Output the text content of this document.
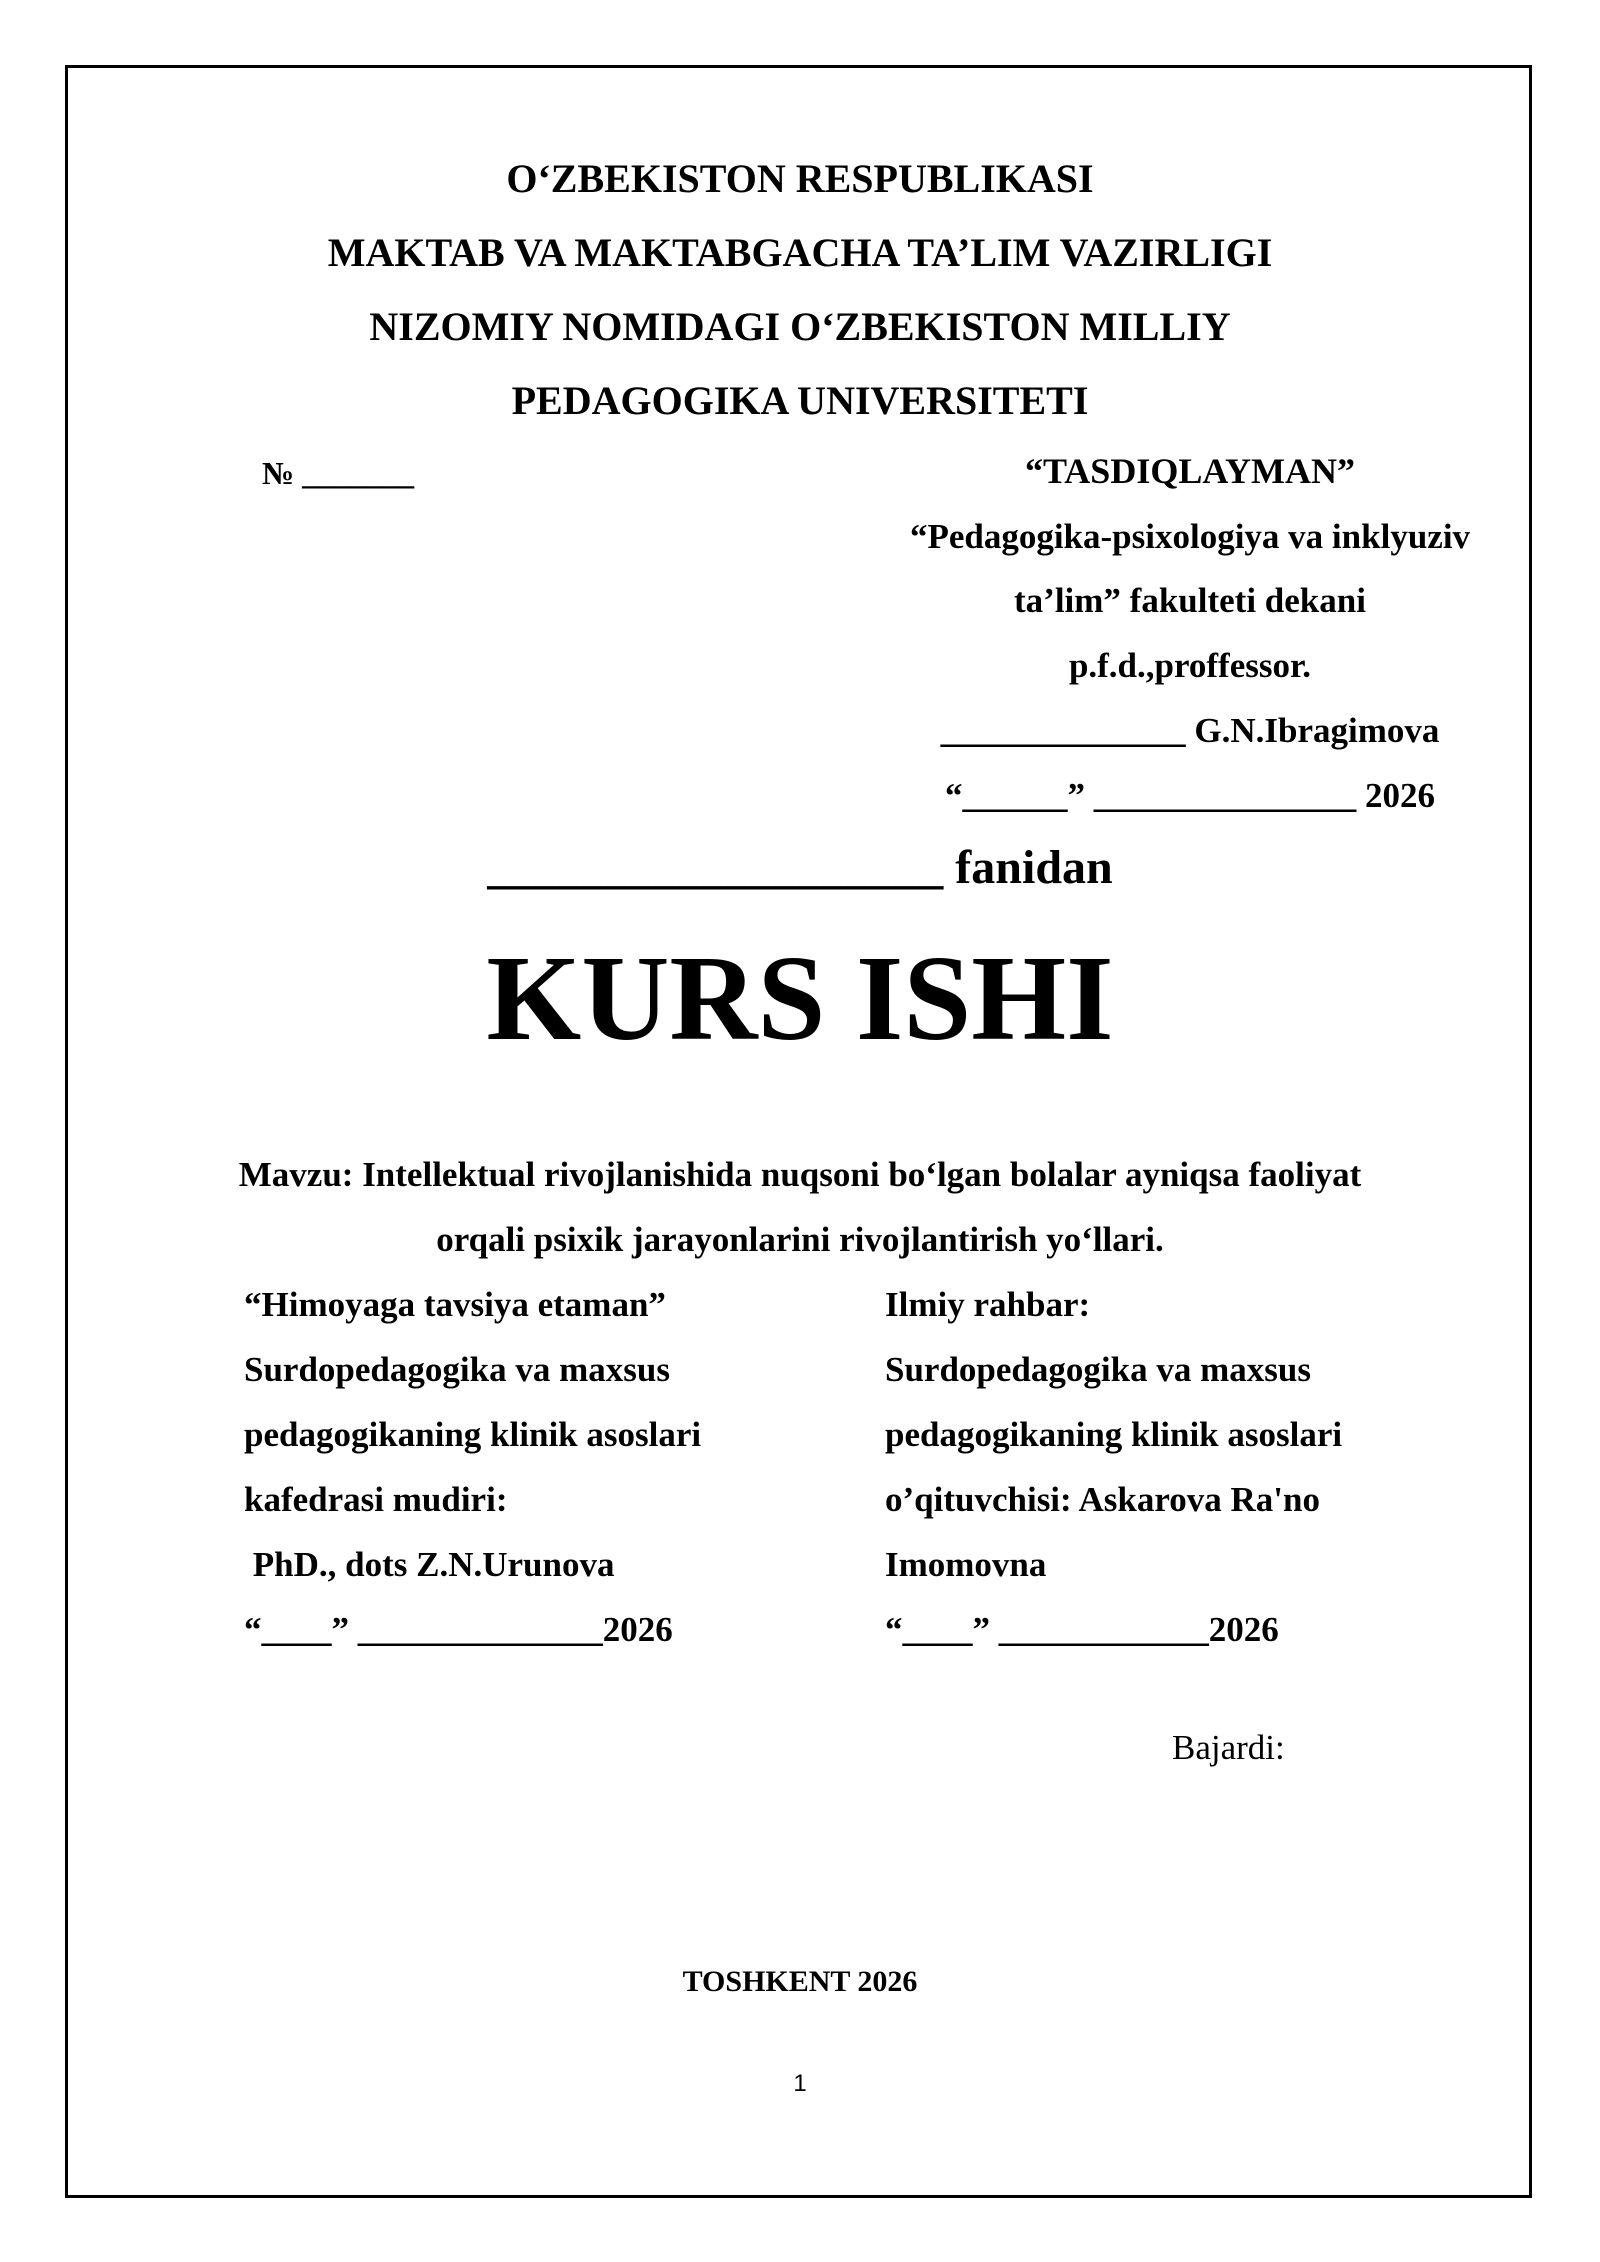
O‘ZBEKISTON RESPUBLIKASI
MAKTAB VA MAKTABGACHA TA’LIM VAZIRLIGI
NIZOMIY NOMIDAGI O‘ZBEKISTON MILLIY
PEDAGOGIKA UNIVERSITETI
№ _______	“TASDIQLAYMAN”
“Pedagogika-psixologiya va inklyuziv
ta’lim” fakulteti dekani
p.f.d.,proffessor.
______________ G.N.Ibragimova
“______” _______________ 2026
___________________ fanidan
KURS ISHI
Mavzu: Intellektual rivojlanishida nuqsoni bo‘lgan bolalar ayniqsa faoliyat
orqali psixik jarayonlarini rivojlantirish yo‘llari.
“Himoyaga tavsiya etaman”
Surdopedagogika va maxsus
pedagogikaning klinik asoslari
kafedrasi mudiri:
PhD., dots Z.N.Urunova
“____” ______________2026
Ilmiy rahbar:
Surdopedagogika va maxsus
pedagogikaning klinik asoslari
o’qituvchisi: Askarova Ra'no
Imomovna
“____” ____________2026
Bajardi:
TOSHKENT 2026
1
